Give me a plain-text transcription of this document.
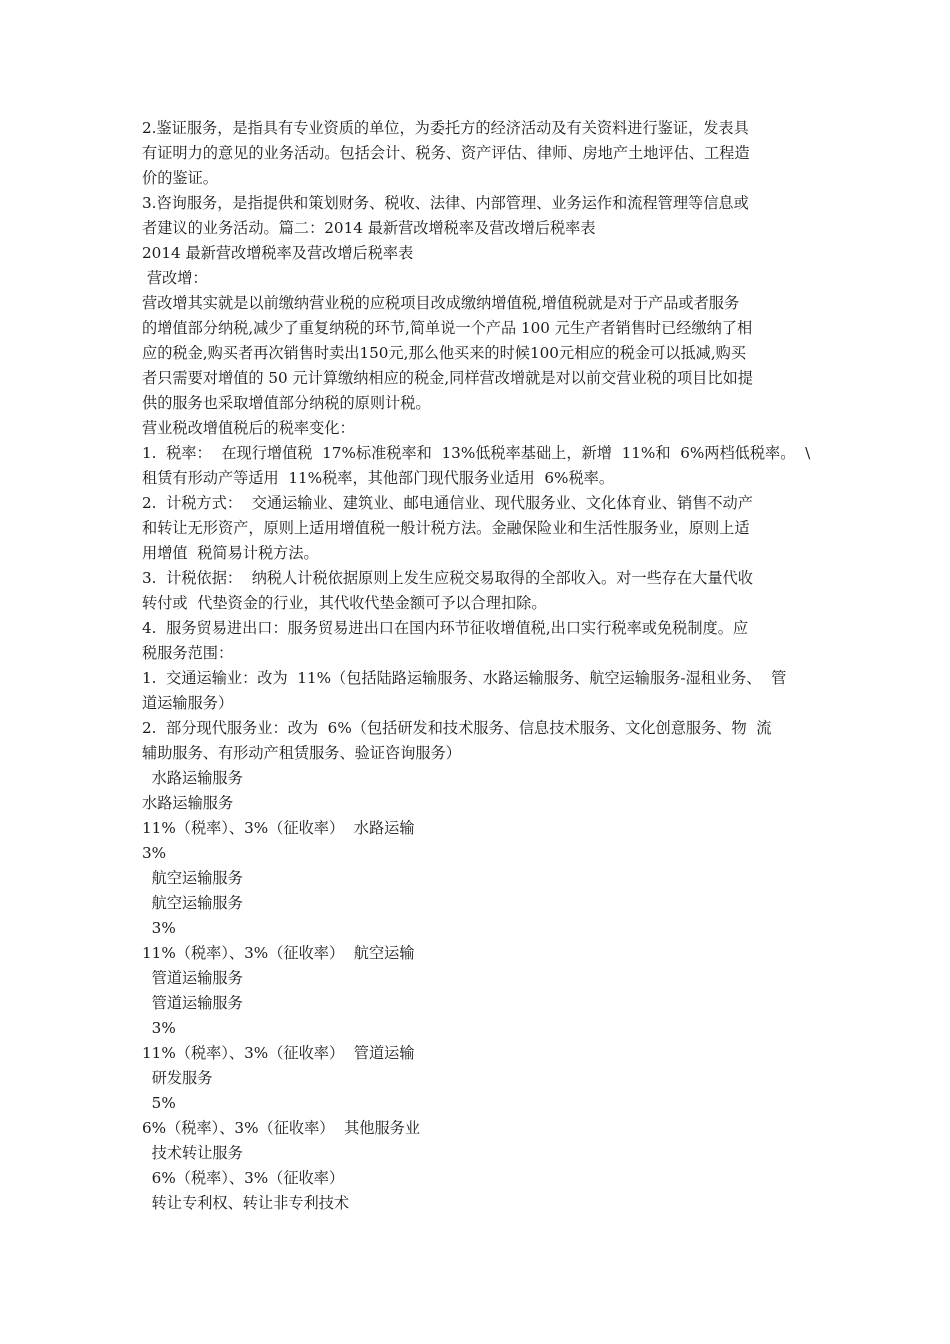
2.鉴证服务，是指具有专业资质的单位，为委托方的经济活动及有关资料进行鉴证，发表具
有证明力的意见的业务活动。包括会计、税务、资产评估、律师、房地产土地评估、工程造
价的鉴证。
3.咨询服务，是指提供和策划财务、税收、法律、内部管理、业务运作和流程管理等信息或
者建议的业务活动。篇二：2014 最新营改增税率及营改增后税率表
2014 最新营改增税率及营改增后税率表
营改增：
营改增其实就是以前缴纳营业税的应税项目改成缴纳增值税,增值税就是对于产品或者服务
的增值部分纳税,减少了重复纳税的环节,简单说一个产品 100 元生产者销售时已经缴纳了相
应的税金,购买者再次销售时卖出150元,那么他买来的时候100元相应的税金可以抵减,购买
者只需要对增值的 50 元计算缴纳相应的税金,同样营改增就是对以前交营业税的项目比如提
供的服务也采取增值部分纳税的原则计税。
营业税改增值税后的税率变化：
1.  税率：  在现行增值税  17%标准税率和  13%低税率基础上，新增  11%和  6%两档低税率。  \
租赁有形动产等适用  11%税率，其他部门现代服务业适用  6%税率。
2.  计税方式：  交通运输业、建筑业、邮电通信业、现代服务业、文化体育业、销售不动产
和转让无形资产，原则上适用增值税一般计税方法。金融保险业和生活性服务业，原则上适
用增值  税简易计税方法。
3.  计税依据：  纳税人计税依据原则上发生应税交易取得的全部收入。对一些存在大量代收
转付或  代垫资金的行业，其代收代垫金额可予以合理扣除。
4.  服务贸易进出口：服务贸易进出口在国内环节征收增值税,出口实行税率或免税制度。应
税服务范围：
1.  交通运输业：改为  11%（包括陆路运输服务、水路运输服务、航空运输服务-湿租业务、  管
道运输服务）
2.  部分现代服务业：改为  6%（包括研发和技术服务、信息技术服务、文化创意服务、物  流
辅助服务、有形动产租赁服务、验证咨询服务）
水路运输服务
水路运输服务
11%（税率）、3%（征收率）  水路运输
3%
航空运输服务
航空运输服务
3%
11%（税率）、3%（征收率）  航空运输
管道运输服务
管道运输服务
3%
11%（税率）、3%（征收率）  管道运输
研发服务
5%
6%（税率）、3%（征收率）  其他服务业
技术转让服务
6%（税率）、3%（征收率）
转让专利权、转让非专利技术
